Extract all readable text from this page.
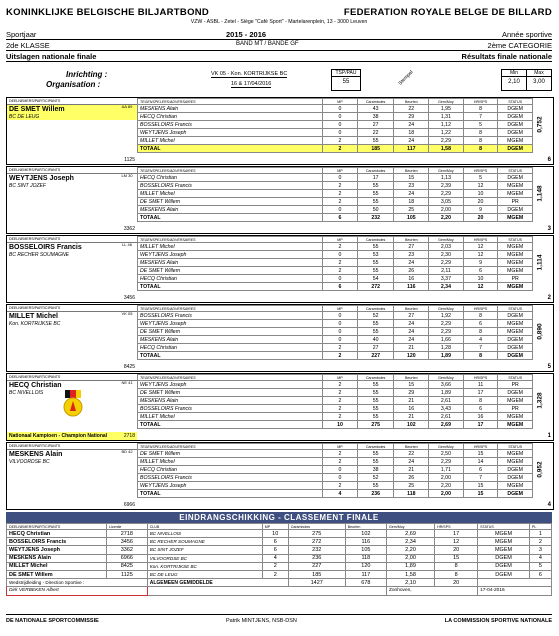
KONINKLIJKE BELGISCHE BILJARTBOND	FEDERATION ROYALE BELGE DE BILLARD
VZW - ASBL - Zetel - Siège "Café Sport" - Martelarenplein, 13 - 3000 Leuven
Sportjaar	2015 - 2016	Année sportive
2de KLASSE	BAND MT / BANDE GF	2ème CATEGORIE
Uitslagen nationale finale	Résultats finale nationale
Inrichting :
Organisation :
VK 05 - Kon. KORTRIJKSE BC
16 & 17/04/2016
TSP/PAU
55	Stempel	Min
2,10
Max
3,00
DEELNEMERS/PARTICIPANTS
DE SMET Willem
BC DE LEUG
AA 89
1125
TEGENSPELERS/ADVERSAIRES	MP	Caramboles	Beurten	Gem/Moy	HR/SPS	STATUS
MESKENS Alain	0	43	22	1,95	8	DGEM
HECQ Christian	0	38	29	1,31	7	DGEM
BOSSELOIRS Francis	0	27	24	1,12	5	DGEM
WEYTJENS Joseph	0	22	18	1,22	8	DGEM
MILLET Michel	2	55	24	2,29	8	MGEM
TOTAAL	2	185	117	1,58	8	DGEM
0,752
6
DEELNEMERS/PARTICIPANTS
WEYTJENS Joseph
BC SINT JOZEF
LM 30
3362
TEGENSPELERS/ADVERSAIRES	MP	Caramboles	Beurten	Gem/Moy	HR/SPS	STATUS
HECQ Christian	0	17	15	1,13	5	DGEM
BOSSELOIRS Francis	2	55	23	2,39	12	MGEM
MILLET Michel	2	55	24	2,29	10	MGEM
DE SMET Willem	2	55	18	3,05	20	PR
MESKENS Alain	0	50	25	2,00	9	DGEM
TOTAAL	6	232	105	2,20	20	MGEM
1,148
3
DEELNEMERS/PARTICIPANTS
BOSSELOIRS Francis
BC RECHER SOUMAGNE
LL 46
3456
TEGENSPELERS/ADVERSAIRES	MP	Caramboles	Beurten	Gem/Moy	HR/SPS	STATUS
MILLET Michel	2	55	27	2,03	12	MGEM
WEYTJENS Joseph	0	53	23	2,30	12	MGEM
MESKENS Alain	2	55	24	2,29	9	MGEM
DE SMET Willem	2	55	26	2,11	6	MGEM
HECQ Christian	0	54	16	3,37	10	PR
TOTAAL	6	272	116	2,34	12	MGEM
1,114
2
DEELNEMERS/PARTICIPANTS
MILLET Michel
Kon. KORTRIJKSE BC
VK 05
8425
TEGENSPELERS/ADVERSAIRES	MP	Caramboles	Beurten	Gem/Moy	HR/SPS	STATUS
BOSSELOIRS Francis	0	52	27	1,92	8	DGEM
WEYTJENS Joseph	0	55	24	2,29	6	MGEM
DE SMET Willem	0	55	24	2,29	8	MGEM
MESKENS Alain	0	40	24	1,66	4	DGEM
HECQ Christian	2	27	21	1,28	7	DGEM
TOTAAL	2	227	120	1,89	8	DGEM
0,890
5
DEELNEMERS/PARTICIPANTS
HECQ Christian
BC NIVELLOIS
NE 41
Nationaal Kampioen - Champion National	2718
TEGENSPELERS/ADVERSAIRES	MP	Caramboles	Beurten	Gem/Moy	HR/SPS	STATUS
WEYTJENS Joseph	2	55	15	3,66	11	PR
DE SMET Willem	2	55	29	1,89	17	DGEM
MESKENS Alain	2	55	21	2,61	8	MGEM
BOSSELOIRS Francis	2	55	16	3,43	6	PR
MILLET Michel	2	55	21	2,61	16	MGEM
TOTAAL	10	275	102	2,69	17	MGEM
1,328
1
DEELNEMERS/PARTICIPANTS
MESKENS Alain
VILVOORDSE BC
BD 42
6966
TEGENSPELERS/ADVERSAIRES	MP	Caramboles	Beurten	Gem/Moy	HR/SPS	STATUS
DE SMET Willem	2	55	22	2,50	15	MGEM
MILLET Michel	2	55	24	2,29	14	MGEM
HECQ Christian	0	38	21	1,71	6	DGEM
BOSSELOIRS Francis	0	52	26	2,00	7	DGEM
WEYTJENS Joseph	2	55	25	2,20	15	MGEM
TOTAAL	4	236	118	2,00	15	DGEM
0,952
4
EINDRANGSCHIKKING - CLASSEMENT FINALE
DEELNEMERS/PARTICIPANTS	Licentie	CLUB	MP	Caramboles	Beurten	Gem/Moy	HR/SPS	STATUS	PL
HECQ Christian	2718	BC NIVELLOIS	10	275	102	2,69	17	MGEM	1
BOSSELOIRS Francis	3456	BC RECHER SOUMAGNE	6	272	116	2,34	12	MGEM	2
WEYTJENS Joseph	3362	BC SINT JOZEF	6	232	105	2,20	20	MGEM	3
MESKENS Alain	6966	VILVOORDSE BC	4	236	118	2,00	15	DGEM	4
MILLET Michel	8425	Kon. KORTRIJKSE BC	2	227	120	1,89	8	DGEM	5
DE SMET Willem	1125	BC DE LEUG	2	185	117	1,58	8	DGEM	6
Wedstrijdleiding - Direction Sportive :		ALGEMEEN GEMIDDELDE		1427	678	2,10	20		
Dirk VERBEKEN Albert						Zonhoven,		17-04-2016	
DE NATIONALE SPORTCOMMISSIE	Patrik MINTJENS, NSB-DSN	LA COMMISSION SPORTIVE NATIONALE
